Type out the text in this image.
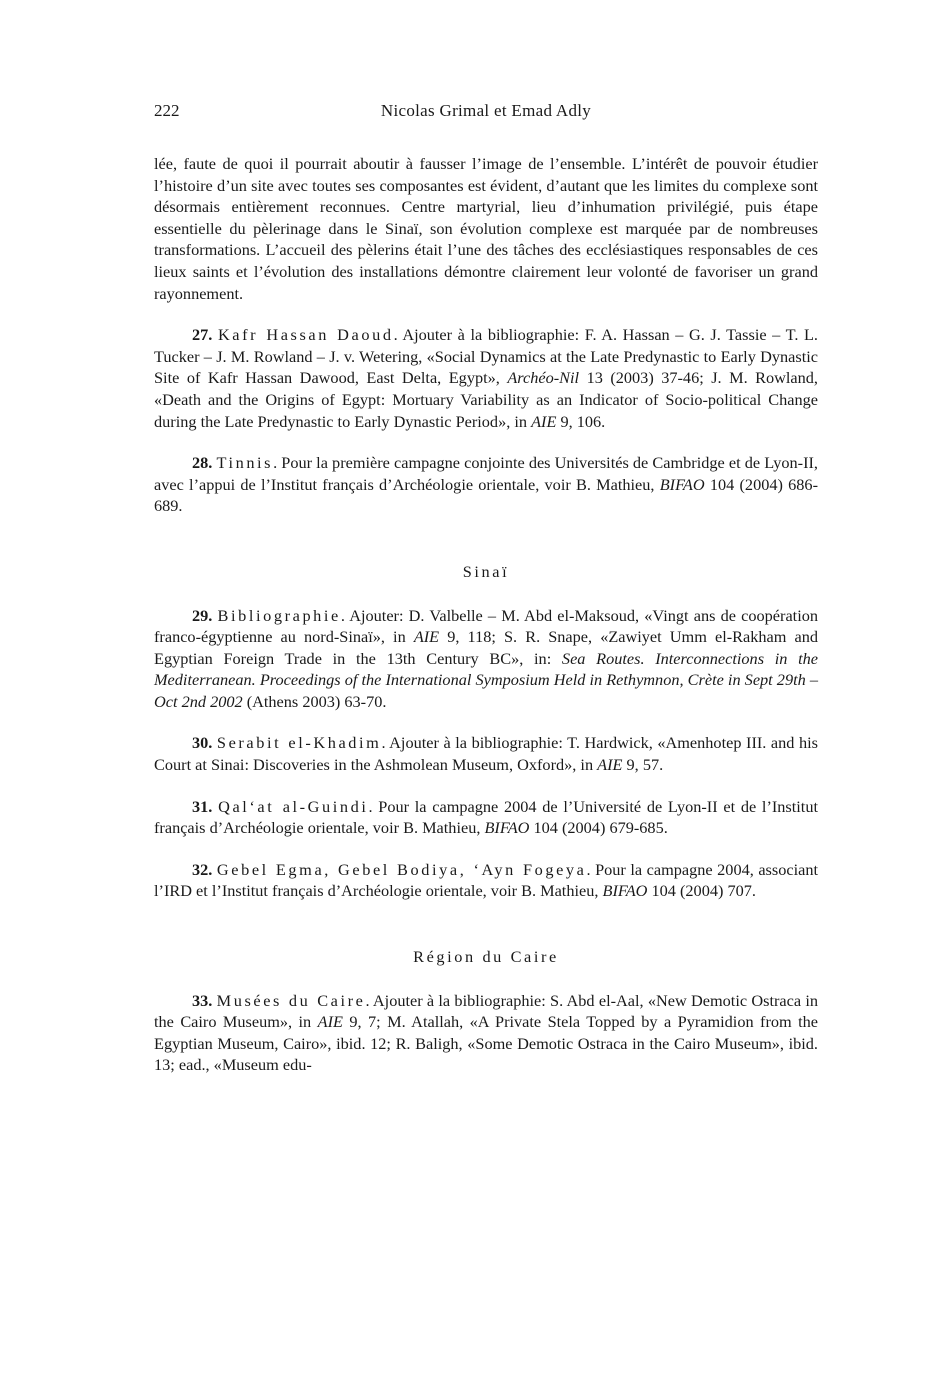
222	Nicolas Grimal et Emad Adly

lée, faute de quoi il pourrait aboutir à fausser l’image de l’ensemble. L’intérêt de pouvoir étudier l’histoire d’un site avec toutes ses composantes est évident, d’autant que les limites du complexe sont désormais entièrement reconnues. Centre martyrial, lieu d’inhumation privilégié, puis étape essentielle du pèlerinage dans le Sinaï, son évolution complexe est marquée par de nombreuses transformations. L’accueil des pèlerins était l’une des tâches des ecclésiastiques responsables de ces lieux saints et l’évolution des installations démontre clairement leur volonté de favoriser un grand rayonnement.

27. Kafr Hassan Daoud. Ajouter à la bibliographie: F. A. Hassan – G. J. Tassie – T. L. Tucker – J. M. Rowland – J. v. Wetering, «Social Dynamics at the Late Predynastic to Early Dynastic Site of Kafr Hassan Dawood, East Delta, Egypt», Archéo-Nil 13 (2003) 37-46; J. M. Rowland, «Death and the Origins of Egypt: Mortuary Variability as an Indicator of Socio-political Change during the Late Predynastic to Early Dynastic Period», in AIE 9, 106.

28. Tinnis. Pour la première campagne conjointe des Universités de Cambridge et de Lyon-II, avec l’appui de l’Institut français d’Archéologie orientale, voir B. Mathieu, BIFAO 104 (2004) 686-689.

Sinaï

29. Bibliographie. Ajouter: D. Valbelle – M. Abd el-Maksoud, «Vingt ans de coopération franco-égyptienne au nord-Sinaï», in AIE 9, 118; S. R. Snape, «Zawiyet Umm el-Rakham and Egyptian Foreign Trade in the 13th Century BC», in: Sea Routes. Interconnections in the Mediterranean. Proceedings of the International Symposium Held in Rethymnon, Crète in Sept 29th – Oct 2nd 2002 (Athens 2003) 63-70.

30. Serabit el-Khadim. Ajouter à la bibliographie: T. Hardwick, «Amenhotep III. and his Court at Sinai: Discoveries in the Ashmolean Museum, Oxford», in AIE 9, 57.

31. Qal‘at al-Guindi. Pour la campagne 2004 de l’Université de Lyon-II et de l’Institut français d’Archéologie orientale, voir B. Mathieu, BIFAO 104 (2004) 679-685.

32. Gebel Egma, Gebel Bodiya, ‘Ayn Fogeya. Pour la campagne 2004, associant l’IRD et l’Institut français d’Archéologie orientale, voir B. Mathieu, BIFAO 104 (2004) 707.

Région du Caire

33. Musées du Caire. Ajouter à la bibliographie: S. Abd el-Aal, «New Demotic Ostraca in the Cairo Museum», in AIE 9, 7; M. Atallah, «A Private Stela Topped by a Pyramidion from the Egyptian Museum, Cairo», ibid. 12; R. Baligh, «Some Demotic Ostraca in the Cairo Museum», ibid. 13; ead., «Museum edu-
